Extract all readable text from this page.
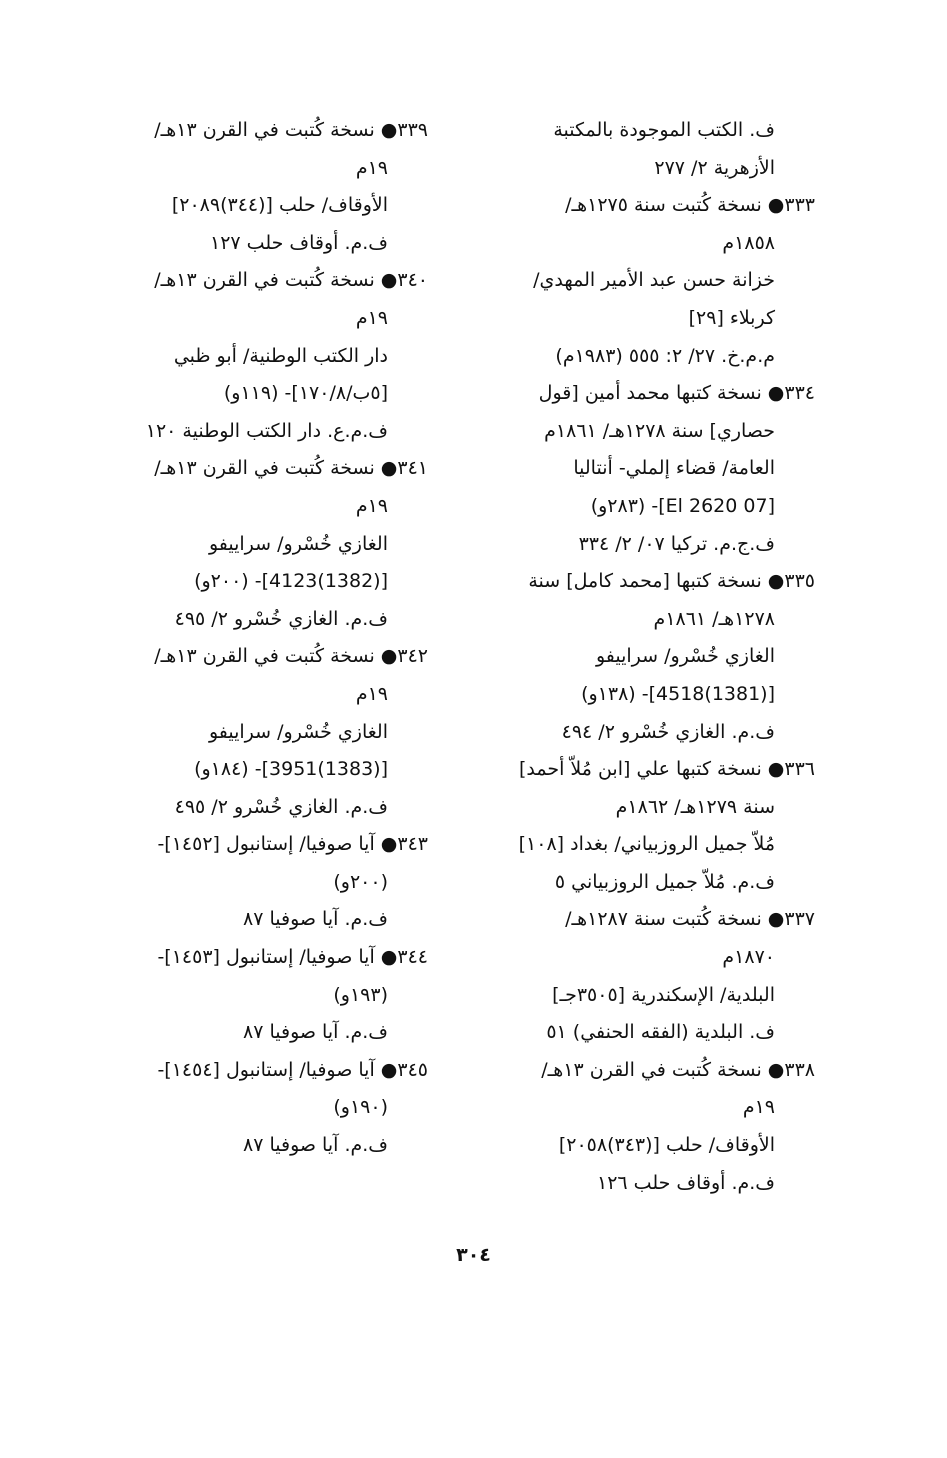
ف. الكتب الموجودة بالمكتبة
الأزهرية ٢/ ٢٧٧
٣٣٣● نسخة كُتبت سنة ١٢٧٥هـ/
١٨٥٨م
خزانة حسن عبد الأمير المهدي/
كربلاء [٢٩]
م.م.خ. ٢٧/ ٢: ٥٥٥ (١٩٨٣م)
٣٣٤● نسخة كتبها محمد أمين [قول
حصاري] سنة ١٢٧٨هـ/ ١٨٦١م
العامة/ قضاء إلملي- أنتاليا
[07 El 2620]- (٢٨٣و)
ف.ج.م. تركيا ٠٧/ ٢/ ٣٣٤
٣٣٥● نسخة كتبها [محمد كامل] سنة
١٢٧٨هـ/ ١٨٦١م
الغازي خُسْرو/ سراييفو
[(1381)4518]- (١٣٨و)
ف.م. الغازي خُسْرو ٢/ ٤٩٤
٣٣٦● نسخة كتبها علي [ابن مُلاّ أحمد]
سنة ١٢٧٩هـ/ ١٨٦٢م
مُلاّ جميل الروزبياني/ بغداد [١٠٨]
ف.م. مُلاّ جميل الروزبياني ٥
٣٣٧● نسخة كُتبت سنة ١٢٨٧هـ/
١٨٧٠م
البلدية/ الإسكندرية [٣٥٠٥جـ]
ف. البلدية (الفقه الحنفي) ٥١
٣٣٨● نسخة كُتبت في القرن ١٣هـ/
١٩م
الأوقاف/ حلب [(٣٤٣)٢٠٥٨]
ف.م. أوقاف حلب ١٢٦
٣٣٩● نسخة كُتبت في القرن ١٣هـ/
١٩م
الأوقاف/ حلب [(٣٤٤)٢٠٨٩]
ف.م. أوقاف حلب ١٢٧
٣٤٠● نسخة كُتبت في القرن ١٣هـ/
١٩م
دار الكتب الوطنية/ أبو ظبي
[٥ب/١٧٠/٨]- (١١٩و)
ف.م.ع. دار الكتب الوطنية ١٢٠
٣٤١● نسخة كُتبت في القرن ١٣هـ/
١٩م
الغازي خُسْرو/ سراييفو
[(1382)4123]- (٢٠٠و)
ف.م. الغازي خُسْرو ٢/ ٤٩٥
٣٤٢● نسخة كُتبت في القرن ١٣هـ/
١٩م
الغازي خُسْرو/ سراييفو
[(1383)3951]- (١٨٤و)
ف.م. الغازي خُسْرو ٢/ ٤٩٥
٣٤٣● آيا صوفيا/ إستانبول [١٤٥٢]-
(٢٠٠و)
ف.م. آيا صوفيا ٨٧
٣٤٤● آيا صوفيا/ إستانبول [١٤٥٣]-
(١٩٣و)
ف.م. آيا صوفيا ٨٧
٣٤٥● آيا صوفيا/ إستانبول [١٤٥٤]-
(١٩٠و)
ف.م. آيا صوفيا ٨٧
٣٠٤
